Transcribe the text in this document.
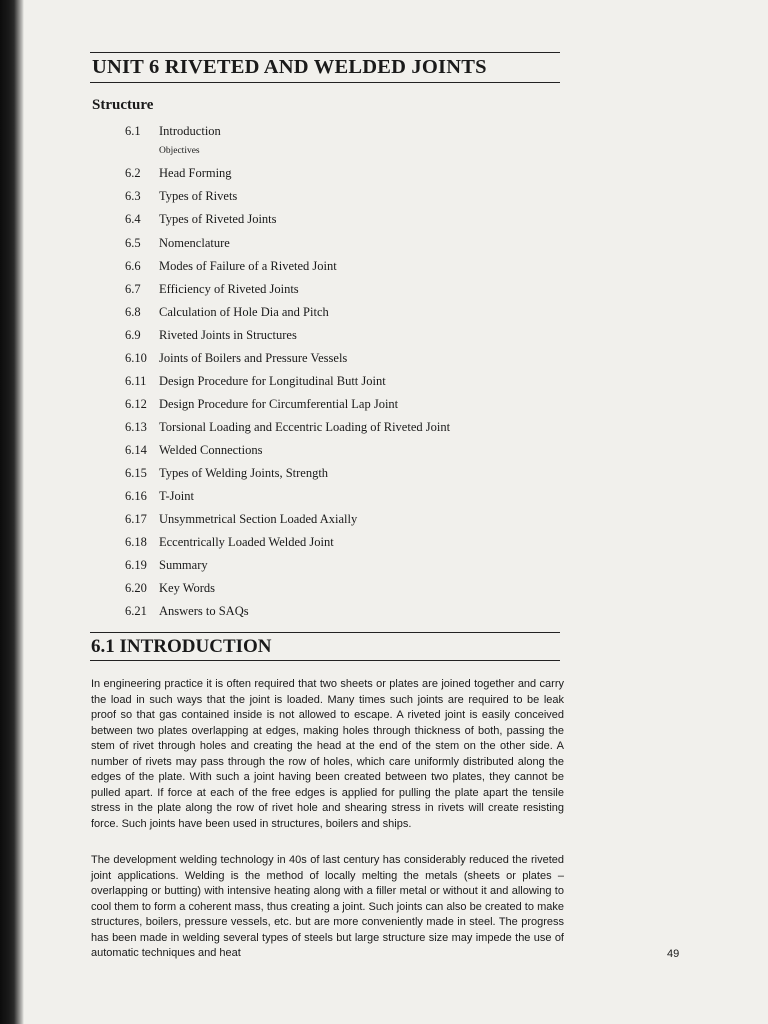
UNIT 6 RIVETED AND WELDED JOINTS
Structure
6.1 Introduction
Objectives
6.2 Head Forming
6.3 Types of Rivets
6.4 Types of Riveted Joints
6.5 Nomenclature
6.6 Modes of Failure of a Riveted Joint
6.7 Efficiency of Riveted Joints
6.8 Calculation of Hole Dia and Pitch
6.9 Riveted Joints in Structures
6.10 Joints of Boilers and Pressure Vessels
6.11 Design Procedure for Longitudinal Butt Joint
6.12 Design Procedure for Circumferential Lap Joint
6.13 Torsional Loading and Eccentric Loading of Riveted Joint
6.14 Welded Connections
6.15 Types of Welding Joints, Strength
6.16 T-Joint
6.17 Unsymmetrical Section Loaded Axially
6.18 Eccentrically Loaded Welded Joint
6.19 Summary
6.20 Key Words
6.21 Answers to SAQs
6.1 INTRODUCTION

In engineering practice it is often required that two sheets or plates are joined together and carry the load in such ways that the joint is loaded. Many times such joints are required to be leak proof so that gas contained inside is not allowed to escape. A riveted joint is easily conceived between two plates overlapping at edges, making holes through thickness of both, passing the stem of rivet through holes and creating the head at the end of the stem on the other side. A number of rivets may pass through the row of holes, which care uniformly distributed along the edges of the plate. With such a joint having been created between two plates, they cannot be pulled apart. If force at each of the free edges is applied for pulling the plate apart the tensile stress in the plate along the row of rivet hole and shearing stress in rivets will create resisting force. Such joints have been used in structures, boilers and ships.

The development welding technology in 40s of last century has considerably reduced the riveted joint applications. Welding is the method of locally melting the metals (sheets or plates – overlapping or butting) with intensive heating along with a filler metal or without it and allowing to cool them to form a coherent mass, thus creating a joint. Such joints can also be created to make structures, boilers, pressure vessels, etc. but are more conveniently made in steel. The progress has been made in welding several types of steels but large structure size may impede the use of automatic techniques and heat	49
